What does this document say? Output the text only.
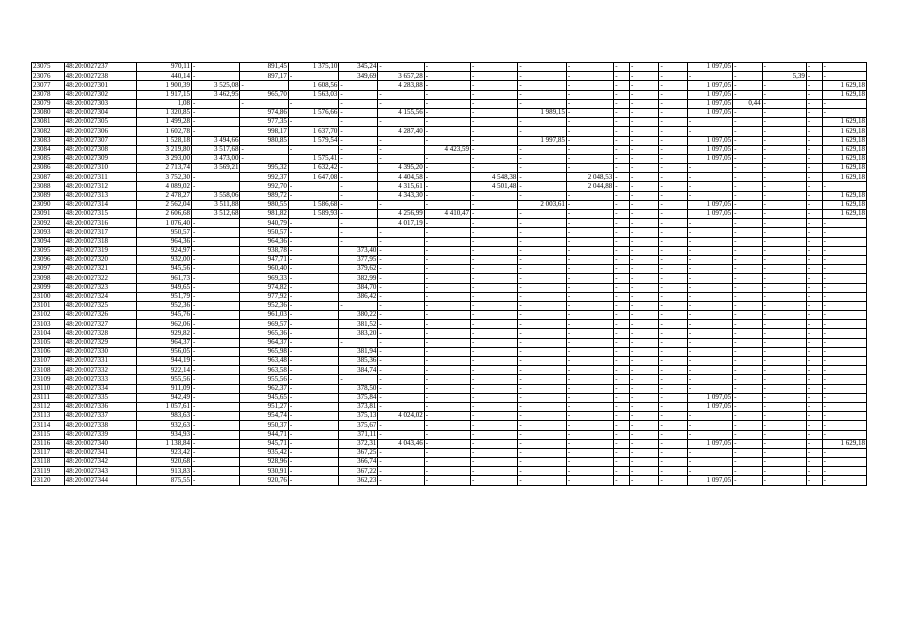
23075	48:20:0027237	970,11	-	891,45	1 375,10	345,24	-	-	-	-	-	-	-	-	1 097,05	-	-	-	-
23076	48:20:0027238	440,14	-	897,17	-	349,69	3 657,28	-	-	-	-	-	-	-	-	-	5,39	-	-
23077	48:20:0027301	1 900,39	3 525,08	-	1 608,56	-	4 283,88	-	-	-	-	-	-	-	1 097,05	-	-	-	1 629,18
23078	48:20:0027302	1 917,15	3 462,95	965,70	1 563,03	-	-	-	-	-	-	-	-	-	1 097,05	-	-	-	1 629,18
23079	48:20:0027303	1,08	-	-	-	-	-	-	-	-	-	-	-	-	1 097,05	0,44	-	-	-
23080	48:20:0027304	1 320,85	-	974,86	1 576,66	-	4 155,56	-	-	1 989,15	-	-	-	-	1 097,05	-	-	-	-
23081	48:20:0027305	1 499,28	-	977,35	-	-	-	-	-	-	-	-	-	-	-	-	-	-	1 629,18
23082	48:20:0027306	1 602,78	-	998,17	1 637,70	-	4 287,40	-	-	-	-	-	-	-	-	-	-	-	1 629,18
23083	48:20:0027307	1 528,18	3 494,66	980,85	1 579,54	-	-	-	-	1 997,85	-	-	-	-	1 097,05	-	-	-	1 629,18
23084	48:20:0027308	3 219,80	3 517,68	-	-	-	-	4 423,59	-	-	-	-	-	-	1 097,05	-	-	-	1 629,18
23085	48:20:0027309	3 293,00	3 473,00	-	1 575,41	-	-	-	-	-	-	-	-	-	1 097,05	-	-	-	1 629,18
23086	48:20:0027310	2 713,74	3 569,21	995,32	1 632,42	-	4 395,20	-	-	-	-	-	-	-	-	-	-	-	1 629,18
23087	48:20:0027311	3 752,30	-	992,37	1 647,08	-	4 404,58	-	4 548,38	-	2 048,53	-	-	-	-	-	-	-	1 629,18
23088	48:20:0027312	4 089,02	-	992,70	-	-	4 315,61	-	4 501,48	-	2 044,88	-	-	-	-	-	-	-	-
23089	48:20:0027313	2 478,27	3 558,06	989,72	-	-	4 343,30	-	-	-	-	-	-	-	-	-	-	-	1 629,18
23090	48:20:0027314	2 562,04	3 511,88	980,55	1 586,68	-	-	-	-	2 003,61	-	-	-	-	1 097,05	-	-	-	1 629,18
23091	48:20:0027315	2 606,68	3 512,68	981,82	1 589,93	-	4 256,99	4 410,47	-	-	-	-	-	-	1 097,05	-	-	-	1 629,18
23092	48:20:0027316	1 076,40	-	940,79	-	-	4 017,19	-	-	-	-	-	-	-	-	-	-	-	-
23093	48:20:0027317	950,57	-	950,57	-	-	-	-	-	-	-	-	-	-	-	-	-	-	-
23094	48:20:0027318	964,36	-	964,36	-	-	-	-	-	-	-	-	-	-	-	-	-	-	-
23095	48:20:0027319	924,97	-	938,78	-	373,40	-	-	-	-	-	-	-	-	-	-	-	-	-
23096	48:20:0027320	932,00	-	947,71	-	377,95	-	-	-	-	-	-	-	-	-	-	-	-	-
23097	48:20:0027321	945,56	-	960,40	-	379,62	-	-	-	-	-	-	-	-	-	-	-	-	-
23098	48:20:0027322	961,73	-	969,33	-	382,99	-	-	-	-	-	-	-	-	-	-	-	-	-
23099	48:20:0027323	949,65	-	974,82	-	384,70	-	-	-	-	-	-	-	-	-	-	-	-	-
23100	48:20:0027324	951,79	-	977,92	-	386,42	-	-	-	-	-	-	-	-	-	-	-	-	-
23101	48:20:0027325	952,36	-	952,36	-	-	-	-	-	-	-	-	-	-	-	-	-	-	-
23102	48:20:0027326	945,76	-	961,03	-	380,22	-	-	-	-	-	-	-	-	-	-	-	-	-
23103	48:20:0027327	962,06	-	969,57	-	381,52	-	-	-	-	-	-	-	-	-	-	-	-	-
23104	48:20:0027328	929,82	-	965,36	-	383,20	-	-	-	-	-	-	-	-	-	-	-	-	-
23105	48:20:0027329	964,37	-	964,37	-	-	-	-	-	-	-	-	-	-	-	-	-	-	-
23106	48:20:0027330	956,05	-	965,98	-	381,94	-	-	-	-	-	-	-	-	-	-	-	-	-
23107	48:20:0027331	944,19	-	963,48	-	385,36	-	-	-	-	-	-	-	-	-	-	-	-	-
23108	48:20:0027332	922,14	-	963,58	-	384,74	-	-	-	-	-	-	-	-	-	-	-	-	-
23109	48:20:0027333	955,56	-	955,56	-	-	-	-	-	-	-	-	-	-	-	-	-	-	-
23110	48:20:0027334	911,09	-	962,37	-	378,50	-	-	-	-	-	-	-	-	-	-	-	-	-
23111	48:20:0027335	942,49	-	945,65	-	375,84	-	-	-	-	-	-	-	-	1 097,05	-	-	-	-
23112	48:20:0027336	1 057,61	-	951,27	-	373,81	-	-	-	-	-	-	-	-	1 097,05	-	-	-	-
23113	48:20:0027337	983,63	-	954,74	-	375,13	4 024,02	-	-	-	-	-	-	-	-	-	-	-	-
23114	48:20:0027338	932,63	-	950,37	-	375,67	-	-	-	-	-	-	-	-	-	-	-	-	-
23115	48:20:0027339	934,93	-	944,71	-	371,11	-	-	-	-	-	-	-	-	-	-	-	-	-
23116	48:20:0027340	1 138,84	-	945,71	-	372,31	4 043,46	-	-	-	-	-	-	-	1 097,05	-	-	-	1 629,18
23117	48:20:0027341	923,42	-	935,42	-	367,25	-	-	-	-	-	-	-	-	-	-	-	-	-
23118	48:20:0027342	920,68	-	928,96	-	366,74	-	-	-	-	-	-	-	-	-	-	-	-	-
23119	48:20:0027343	913,83	-	930,91	-	367,22	-	-	-	-	-	-	-	-	-	-	-	-	-
23120	48:20:0027344	875,55	-	920,76	-	362,23	-	-	-	-	-	-	-	-	1 097,05	-	-	-	-
